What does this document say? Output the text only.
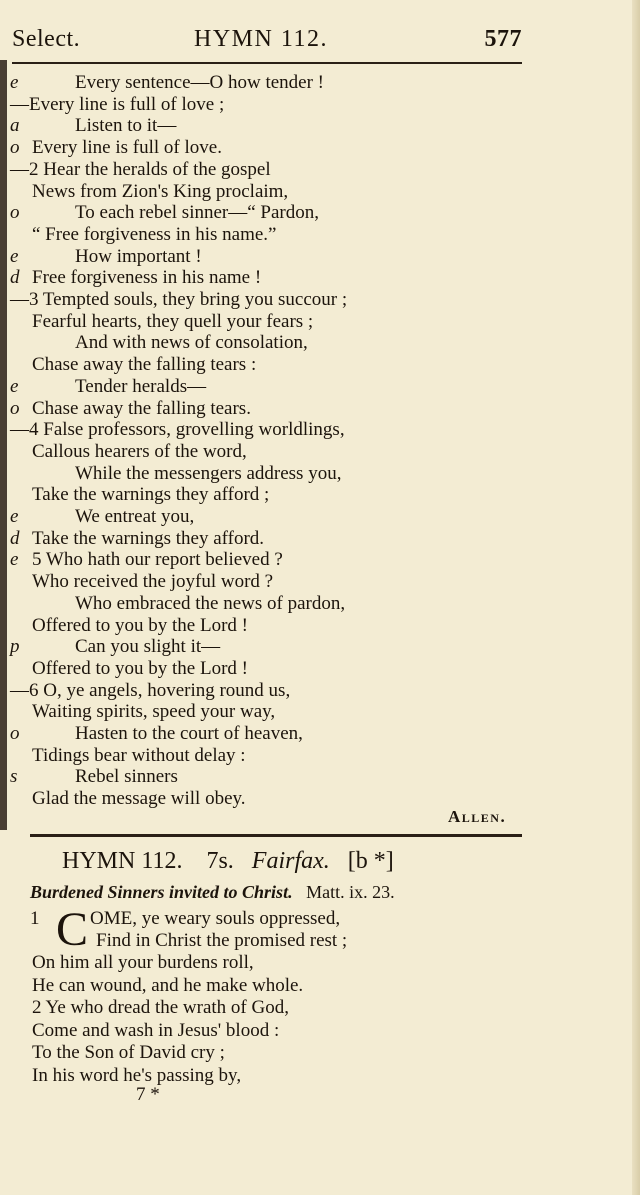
Select.	HYMN 112.	577
e	Every sentence—O how tender !
—Every line is full of love ;
a	Listen to it—
o Every line is full of love.
—2 Hear the heralds of the gospel
News from Zion's King proclaim,
o	To each rebel sinner—“ Pardon,
“ Free forgiveness in his name.”
e	How important !
d Free forgiveness in his name !
—3 Tempted souls, they bring you succour ;
Fearful hearts, they quell your fears ;
And with news of consolation,
Chase away the falling tears :
e	Tender heralds—
o Chase away the falling tears.
—4 False professors, grovelling worldlings,
Callous hearers of the word,
While the messengers address you,
Take the warnings they afford ;
e	We entreat you,
d Take the warnings they afford.
e 5 Who hath our report believed ?
Who received the joyful word ?
Who embraced the news of pardon,
Offered to you by the Lord !
p	Can you slight it—
Offered to you by the Lord !
—6 O, ye angels, hovering round us,
Waiting spirits, speed your way,
o	Hasten to the court of heaven,
Tidings bear without delay :
s	Rebel sinners
Glad the message will obey.
Allen.
HYMN 112. 7s. Fairfax. [b *]
Burdened Sinners invited to Christ. Matt. ix. 23.
1	OME, ye weary souls oppressed,
Find in Christ the promised rest ;
On him all your burdens roll,
He can wound, and he make whole.
2 Ye who dread the wrath of God,
Come and wash in Jesus' blood :
To the Son of David cry ;
In his word he's passing by,
C
7 *
